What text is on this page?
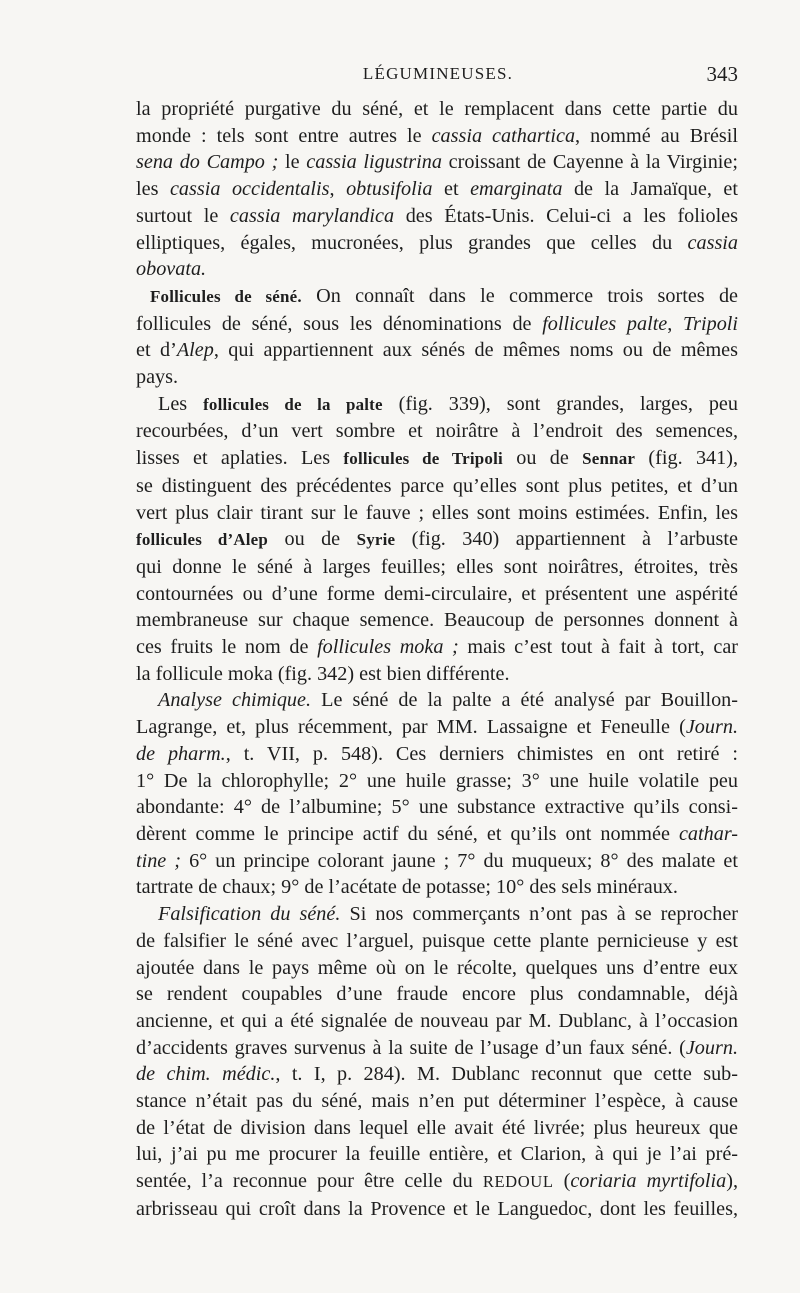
LÉGUMINEUSES.	343

la propriété purgative du séné, et le remplacent dans cette partie du

monde : tels sont entre autres le cassia cathartica, nommé au Brésil

sena do Campo ; le cassia ligustrina croissant de Cayenne à la Virginie;

les cassia occidentalis, obtusifolia et emarginata de la Jamaïque, et

surtout le cassia marylandica des États-Unis. Celui-ci a les folioles

elliptiques, égales, mucronées, plus grandes que celles du cassia

obovata.

Follicules de séné. On connaît dans le commerce trois sortes de

follicules de séné, sous les dénominations de follicules palte, Tripoli

et d’Alep, qui appartiennent aux sénés de mêmes noms ou de mêmes

pays.

Les follicules de la palte (fig. 339), sont grandes, larges, peu

recourbées, d’un vert sombre et noirâtre à l’endroit des semences,

lisses et aplaties. Les follicules de Tripoli ou de Sennar (fig. 341),

se distinguent des précédentes parce qu’elles sont plus petites, et d’un

vert plus clair tirant sur le fauve ; elles sont moins estimées. Enfin, les

follicules d’Alep ou de Syrie (fig. 340) appartiennent à l’arbuste

qui donne le séné à larges feuilles; elles sont noirâtres, étroites, très

contournées ou d’une forme demi-circulaire, et présentent une aspérité

membraneuse sur chaque semence. Beaucoup de personnes donnent à

ces fruits le nom de follicules moka ; mais c’est tout à fait à tort, car

la follicule moka (fig. 342) est bien différente.

Analyse chimique. Le séné de la palte a été analysé par Bouillon-

Lagrange, et, plus récemment, par MM. Lassaigne et Feneulle (Journ.

de pharm., t. VII, p. 548). Ces derniers chimistes en ont retiré :

1° De la chlorophylle; 2° une huile grasse; 3° une huile volatile peu

abondante: 4° de l’albumine; 5° une substance extractive qu’ils consi-

dèrent comme le principe actif du séné, et qu’ils ont nommée cathar-

tine ; 6° un principe colorant jaune ; 7° du muqueux; 8° des malate et

tartrate de chaux; 9° de l’acétate de potasse; 10° des sels minéraux.

Falsification du séné. Si nos commerçants n’ont pas à se reprocher

de falsifier le séné avec l’arguel, puisque cette plante pernicieuse y est

ajoutée dans le pays même où on le récolte, quelques uns d’entre eux

se rendent coupables d’une fraude encore plus condamnable, déjà

ancienne, et qui a été signalée de nouveau par M. Dublanc, à l’occasion

d’accidents graves survenus à la suite de l’usage d’un faux séné. (Journ.

de chim. médic., t. I, p. 284). M. Dublanc reconnut que cette sub-

stance n’était pas du séné, mais n’en put déterminer l’espèce, à cause

de l’état de division dans lequel elle avait été livrée; plus heureux que

lui, j’ai pu me procurer la feuille entière, et Clarion, à qui je l’ai pré-

sentée, l’a reconnue pour être celle du REDOUL (coriaria myrtifolia),

arbrisseau qui croît dans la Provence et le Languedoc, dont les feuilles,
